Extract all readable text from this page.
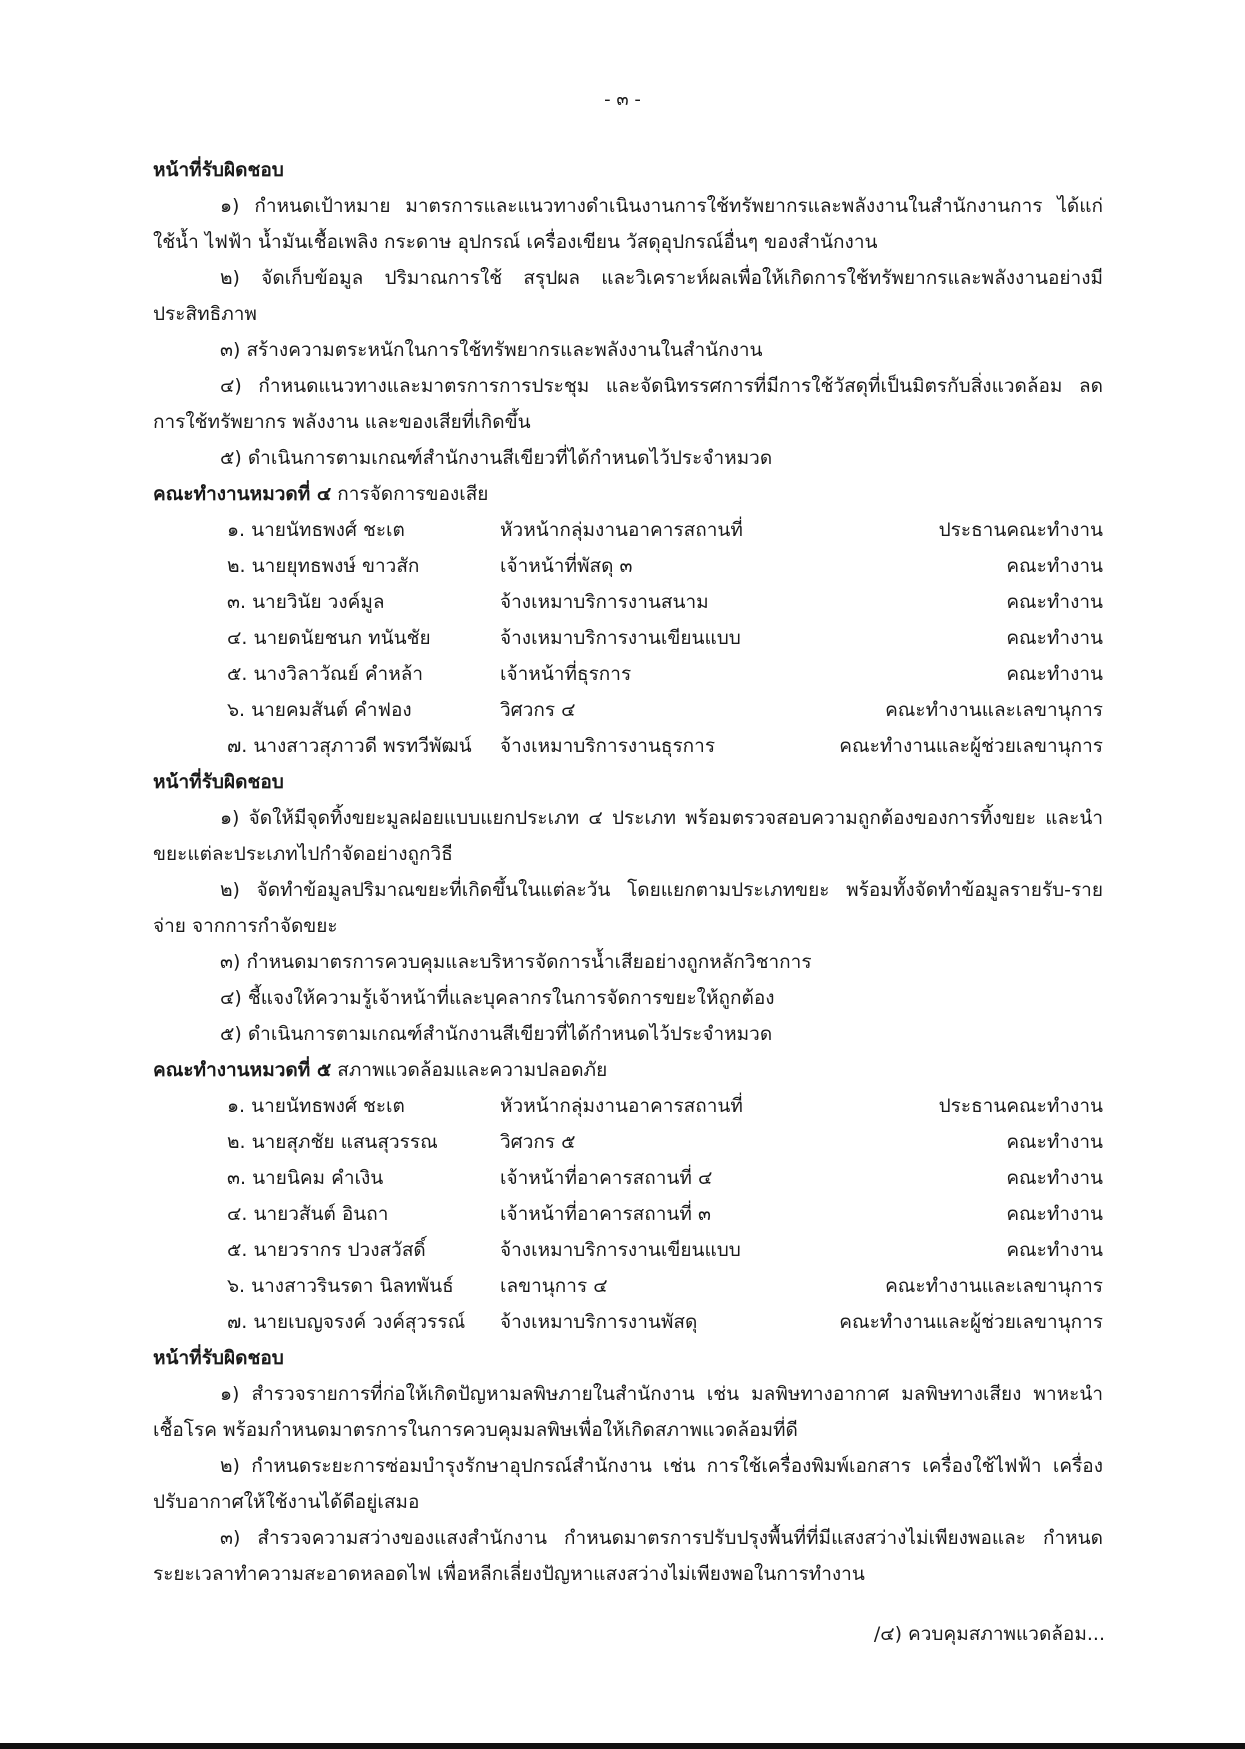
- ๓ -
หน้าที่รับผิดชอบ
๑) กำหนดเป้าหมาย มาตรการและแนวทางดำเนินงานการใช้ทรัพยากรและพลังงานในสำนักงานการ ได้แก่ ใช้น้ำ ไฟฟ้า น้ำมันเชื้อเพลิง กระดาษ อุปกรณ์ เครื่องเขียน วัสดุอุปกรณ์อื่นๆ ของสำนักงาน
๒) จัดเก็บข้อมูล ปริมาณการใช้ สรุปผล และวิเคราะห์ผลเพื่อให้เกิดการใช้ทรัพยากรและพลังงานอย่างมีประสิทธิภาพ
๓) สร้างความตระหนักในการใช้ทรัพยากรและพลังงานในสำนักงาน
๔) กำหนดแนวทางและมาตรการการประชุม และจัดนิทรรศการที่มีการใช้วัสดุที่เป็นมิตรกับสิ่งแวดล้อม ลดการใช้ทรัพยากร พลังงาน และของเสียที่เกิดขึ้น
๕) ดำเนินการตามเกณฑ์สำนักงานสีเขียวที่ได้กำหนดไว้ประจำหมวด
คณะทำงานหมวดที่ ๔ การจัดการของเสีย
๑. นายนัทธพงศ์ ชะเต	หัวหน้ากลุ่มงานอาคารสถานที่	ประธานคณะทำงาน
๒. นายยุทธพงษ์ ขาวสัก	เจ้าหน้าที่พัสดุ ๓	คณะทำงาน
๓. นายวินัย วงค์มูล	จ้างเหมาบริการงานสนาม	คณะทำงาน
๔. นายดนัยชนก ทนันชัย	จ้างเหมาบริการงานเขียนแบบ	คณะทำงาน
๕. นางวิลาวัณย์ คำหล้า	เจ้าหน้าที่ธุรการ	คณะทำงาน
๖. นายคมสันต์ คำฟอง	วิศวกร ๔	คณะทำงานและเลขานุการ
๗. นางสาวสุภาวดี พรทวีพัฒน์	จ้างเหมาบริการงานธุรการ	คณะทำงานและผู้ช่วยเลขานุการ
หน้าที่รับผิดชอบ
๑) จัดให้มีจุดทิ้งขยะมูลฝอยแบบแยกประเภท ๔ ประเภท พร้อมตรวจสอบความถูกต้องของการทิ้งขยะ และนำขยะแต่ละประเภทไปกำจัดอย่างถูกวิธี
๒) จัดทำข้อมูลปริมาณขยะที่เกิดขึ้นในแต่ละวัน โดยแยกตามประเภทขยะ พร้อมทั้งจัดทำข้อมูลรายรับ-รายจ่าย จากการกำจัดขยะ
๓) กำหนดมาตรการควบคุมและบริหารจัดการน้ำเสียอย่างถูกหลักวิชาการ
๔) ชี้แจงให้ความรู้เจ้าหน้าที่และบุคลากรในการจัดการขยะให้ถูกต้อง
๕) ดำเนินการตามเกณฑ์สำนักงานสีเขียวที่ได้กำหนดไว้ประจำหมวด
คณะทำงานหมวดที่ ๕ สภาพแวดล้อมและความปลอดภัย
๑. นายนัทธพงศ์ ชะเต	หัวหน้ากลุ่มงานอาคารสถานที่	ประธานคณะทำงาน
๒. นายสุภชัย แสนสุวรรณ	วิศวกร ๕	คณะทำงาน
๓. นายนิคม คำเงิน	เจ้าหน้าที่อาคารสถานที่ ๔	คณะทำงาน
๔. นายวสันต์ อินถา	เจ้าหน้าที่อาคารสถานที่ ๓	คณะทำงาน
๕. นายวรากร ปวงสวัสดิ์	จ้างเหมาบริการงานเขียนแบบ	คณะทำงาน
๖. นางสาวรินรดา นิลทพันธ์	เลขานุการ ๔	คณะทำงานและเลขานุการ
๗. นายเบญจรงค์ วงค์สุวรรณ์	จ้างเหมาบริการงานพัสดุ	คณะทำงานและผู้ช่วยเลขานุการ
หน้าที่รับผิดชอบ
๑) สำรวจรายการที่ก่อให้เกิดปัญหามลพิษภายในสำนักงาน เช่น มลพิษทางอากาศ มลพิษทางเสียง พาหะนำเชื้อโรค พร้อมกำหนดมาตรการในการควบคุมมลพิษเพื่อให้เกิดสภาพแวดล้อมที่ดี
๒) กำหนดระยะการซ่อมบำรุงรักษาอุปกรณ์สำนักงาน เช่น การใช้เครื่องพิมพ์เอกสาร เครื่องใช้ไฟฟ้า เครื่องปรับอากาศให้ใช้งานได้ดีอยู่เสมอ
๓) สำรวจความสว่างของแสงสำนักงาน กำหนดมาตรการปรับปรุงพื้นที่ที่มีแสงสว่างไม่เพียงพอและ กำหนดระยะเวลาทำความสะอาดหลอดไฟ เพื่อหลีกเลี่ยงปัญหาแสงสว่างไม่เพียงพอในการทำงาน
/๔) ควบคุมสภาพแวดล้อม...
